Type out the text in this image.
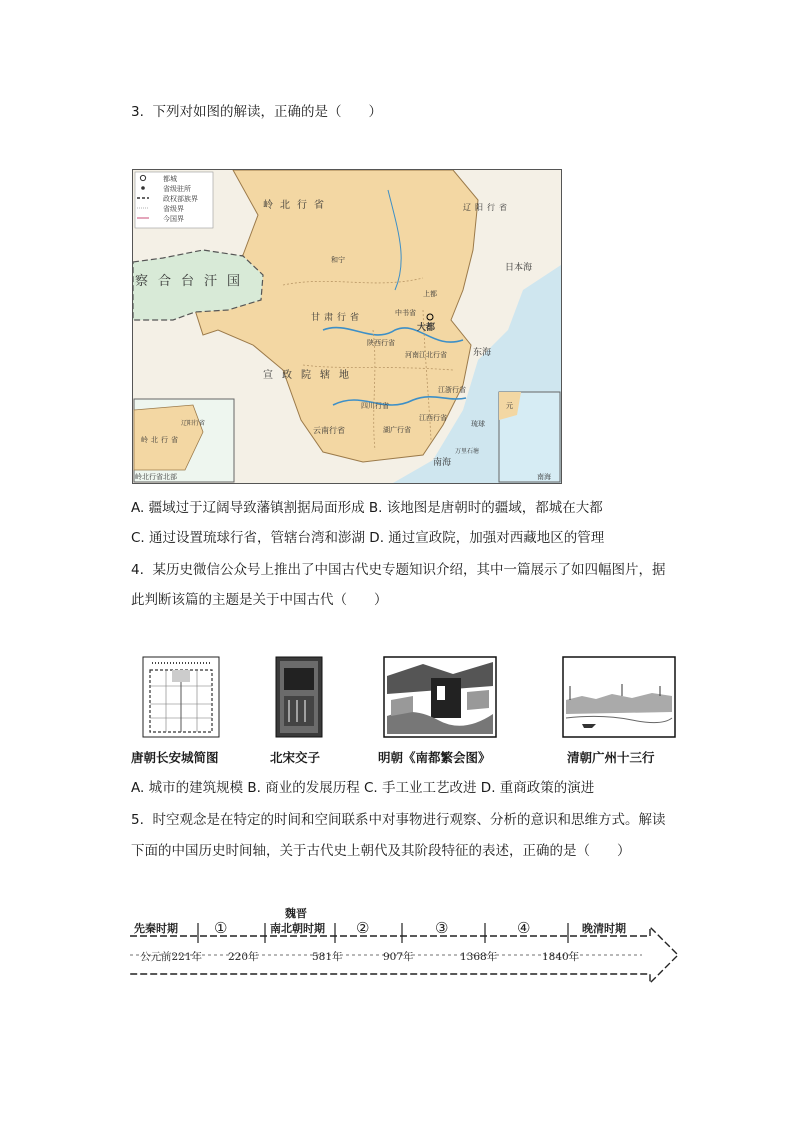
3. 下列对如图的解读，正确的是（　　）
都城
省级驻所
政权部族界
省级界
今国界
岭北行省
察合台汗国
和宁
上都
大都
中书省
甘肃行省
陕西行省
河南江北行省
宣政院辖地
四川行省
湖广行省
江西行省
江浙行省
云南行省
琉球
东海
南海
日本海
万里石塘
辽阳行省
元
岭北行省北部
岭北行省
辽阳行省
南海
A. 疆域过于辽阔导致藩镇割据局面形成 B. 该地图是唐朝时的疆域，都城在大都
C. 通过设置琉球行省，管辖台湾和澎湖 D. 通过宣政院，加强对西藏地区的管理
4. 某历史微信公众号上推出了中国古代史专题知识介绍，其中一篇展示了如四幅图片，据
此判断该篇的主题是关于中国古代（　　）
唐朝长安城简图	北宋交子	明朝《南都繁会图》	清朝广州十三行
A. 城市的建筑规模 B. 商业的发展历程 C. 手工业工艺改进 D. 重商政策的演进
5. 时空观念是在特定的时间和空间联系中对事物进行观察、分析的意识和思维方式。解读
下面的中国历史时间轴，关于古代史上朝代及其阶段特征的表述，正确的是（　　）
先秦时期 ①
魏晋
南北朝时期 ②	③	④	晚清时期
公元前221年 220年	581年	907年	1368年	1840年
